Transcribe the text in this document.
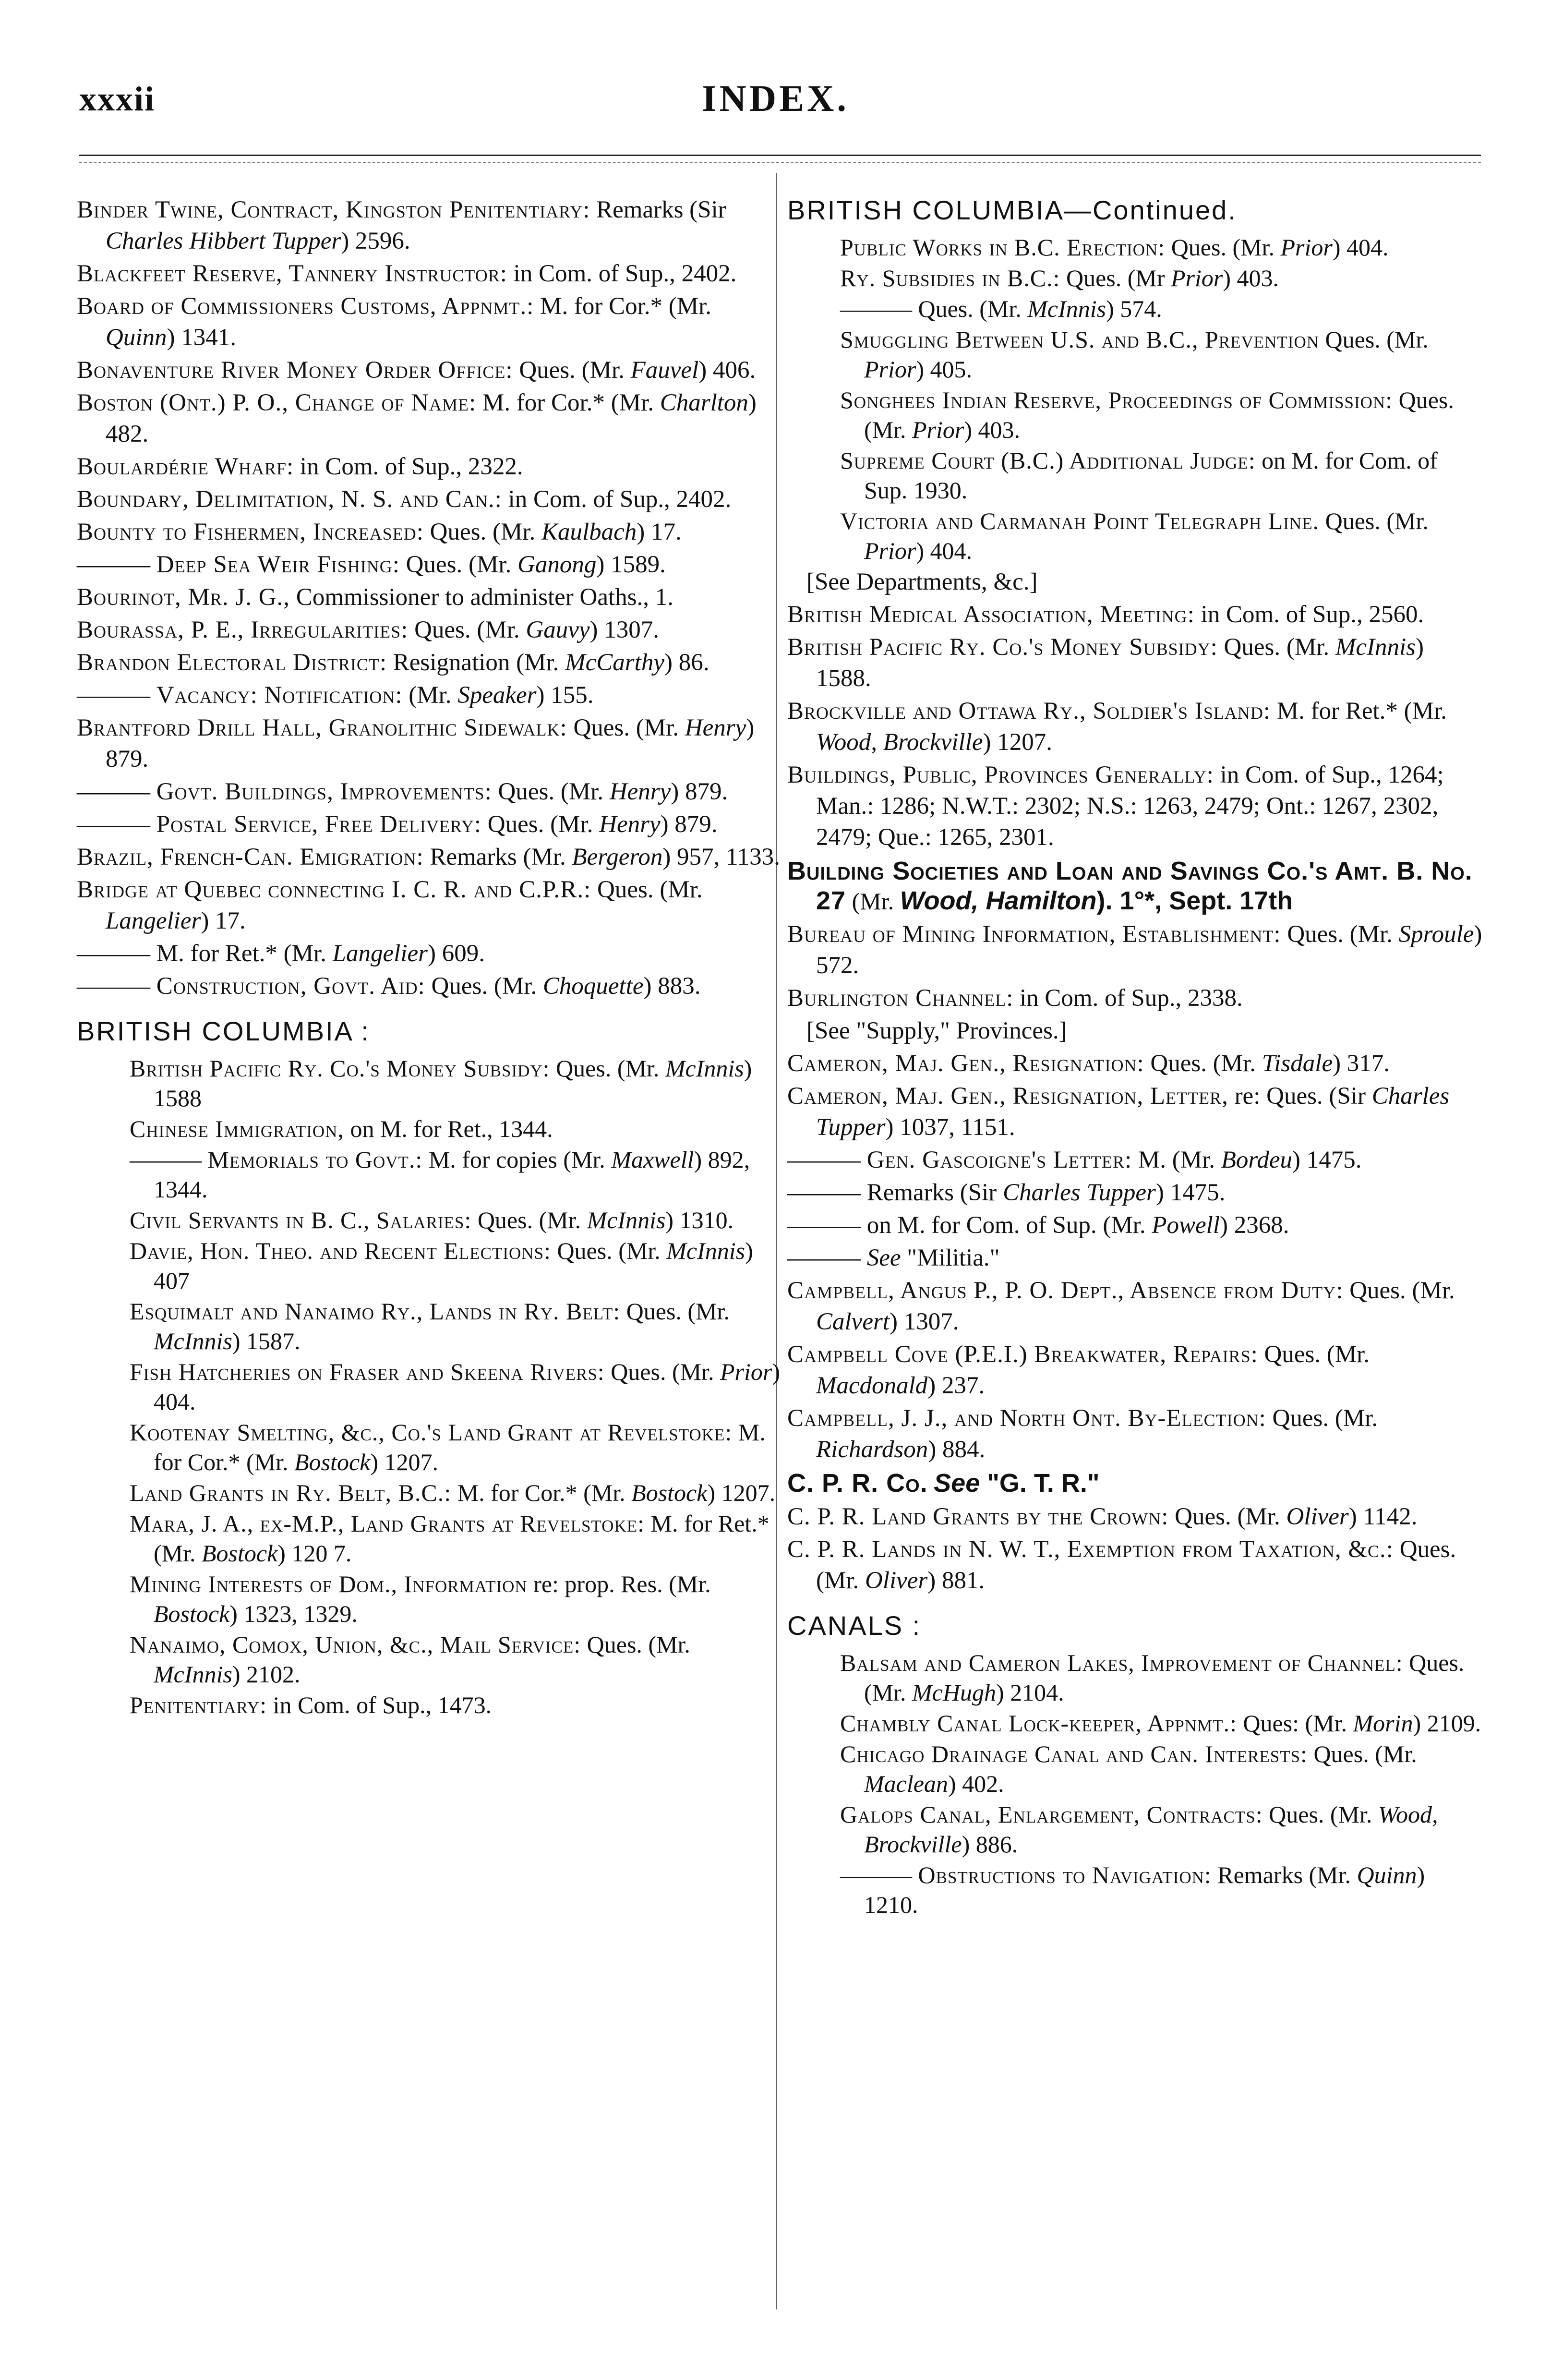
xxxii	INDEX.
Binder Twine, Contract, Kingston Penitentiary: Remarks (Sir Charles Hibbert Tupper) 2596.
Blackfeet Reserve, Tannery Instructor: in Com. of Sup., 2402.
Board of Commissioners Customs, Appnmt.: M. for Cor.* (Mr. Quinn) 1341.
Bonaventure River Money Order Office: Ques. (Mr. Fauvel) 406.
Boston (Ont.) P. O., Change of Name: M. for Cor.* (Mr. Charlton) 482.
Boulardérie Wharf: in Com. of Sup., 2322.
Boundary, Delimitation, N. S. and Can.: in Com. of Sup., 2402.
Bounty to Fishermen, Increased: Ques. (Mr. Kaulbach) 17.
——— Deep Sea Weir Fishing: Ques. (Mr. Ganong) 1589.
Bourinot, Mr. J. G., Commissioner to administer Oaths., 1.
Bourassa, P. E., Irregularities: Ques. (Mr. Gauvy) 1307.
Brandon Electoral District: Resignation (Mr. McCarthy) 86.
——— Vacancy: Notification: (Mr. Speaker) 155.
Brantford Drill Hall, Granolithic Sidewalk: Ques. (Mr. Henry) 879.
——— Govt. Buildings, Improvements: Ques. (Mr. Henry) 879.
——— Postal Service, Free Delivery: Ques. (Mr. Henry) 879.
Brazil, French-Can. Emigration: Remarks (Mr. Bergeron) 957, 1133.
Bridge at Quebec connecting I. C. R. and C.P.R.: Ques. (Mr. Langelier) 17.
——— M. for Ret.* (Mr. Langelier) 609.
——— Construction, Govt. Aid: Ques. (Mr. Choquette) 883.
BRITISH COLUMBIA :
British Pacific Ry. Co.'s Money Subsidy: Ques. (Mr. McInnis) 1588
Chinese Immigration, on M. for Ret., 1344.
——— Memorials to Govt.: M. for copies (Mr. Maxwell) 892, 1344.
Civil Servants in B. C., Salaries: Ques. (Mr. McInnis) 1310.
Davie, Hon. Theo. and Recent Elections: Ques. (Mr. McInnis) 407
Esquimalt and Nanaimo Ry., Lands in Ry. Belt: Ques. (Mr. McInnis) 1587.
Fish Hatcheries on Fraser and Skeena Rivers: Ques. (Mr. Prior) 404.
Kootenay Smelting, &c., Co.'s Land Grant at Revelstoke: M. for Cor.* (Mr. Bostock) 1207.
Land Grants in Ry. Belt, B.C.: M. for Cor.* (Mr. Bostock) 1207.
Mara, J. A., ex-M.P., Land Grants at Revelstoke: M. for Ret.* (Mr. Bostock) 120 7.
Mining Interests of Dom., Information re: prop. Res. (Mr. Bostock) 1323, 1329.
Nanaimo, Comox, Union, &c., Mail Service: Ques. (Mr. McInnis) 2102.
Penitentiary: in Com. of Sup., 1473.
BRITISH COLUMBIA—Continued.
Public Works in B.C. Erection: Ques. (Mr. Prior) 404.
Ry. Subsidies in B.C.: Ques. (Mr Prior) 403.
——— Ques. (Mr. McInnis) 574.
Smuggling Between U.S. and B.C., Prevention Ques. (Mr. Prior) 405.
Songhees Indian Reserve, Proceedings of Commission: Ques. (Mr. Prior) 403.
Supreme Court (B.C.) Additional Judge: on M. for Com. of Sup. 1930.
Victoria and Carmanah Point Telegraph Line. Ques. (Mr. Prior) 404.
[See Departments, &c.]
British Medical Association, Meeting: in Com. of Sup., 2560.
British Pacific Ry. Co.'s Money Subsidy: Ques. (Mr. McInnis) 1588.
Brockville and Ottawa Ry., Soldier's Island: M. for Ret.* (Mr. Wood, Brockville) 1207.
Buildings, Public, Provinces Generally: in Com. of Sup., 1264; Man.: 1286; N.W.T.: 2302; N.S.: 1263, 2479; Ont.: 1267, 2302, 2479; Que.: 1265, 2301.
Building Societies and Loan and Savings Co.'s Amt. B. No. 27 (Mr. Wood, Hamilton). 1°*, Sept. 17th
Bureau of Mining Information, Establishment: Ques. (Mr. Sproule) 572.
Burlington Channel: in Com. of Sup., 2338.
[See "Supply," Provinces.]
Cameron, Maj. Gen., Resignation: Ques. (Mr. Tisdale) 317.
Cameron, Maj. Gen., Resignation, Letter, re: Ques. (Sir Charles Tupper) 1037, 1151.
——— Gen. Gascoigne's Letter: M. (Mr. Bordeu) 1475.
——— Remarks (Sir Charles Tupper) 1475.
——— on M. for Com. of Sup. (Mr. Powell) 2368.
——— See "Militia."
Campbell, Angus P., P. O. Dept., Absence from Duty: Ques. (Mr. Calvert) 1307.
Campbell Cove (P.E.I.) Breakwater, Repairs: Ques. (Mr. Macdonald) 237.
Campbell, J. J., and North Ont. By-Election: Ques. (Mr. Richardson) 884.
C. P. R. Co. See "G. T. R."
C. P. R. Land Grants by the Crown: Ques. (Mr. Oliver) 1142.
C. P. R. Lands in N. W. T., Exemption from Taxation, &c.: Ques. (Mr. Oliver) 881.
CANALS :
Balsam and Cameron Lakes, Improvement of Channel: Ques. (Mr. McHugh) 2104.
Chambly Canal Lock-keeper, Appnmt.: Ques: (Mr. Morin) 2109.
Chicago Drainage Canal and Can. Interests: Ques. (Mr. Maclean) 402.
Galops Canal, Enlargement, Contracts: Ques. (Mr. Wood, Brockville) 886.
——— Obstructions to Navigation: Remarks (Mr. Quinn) 1210.
